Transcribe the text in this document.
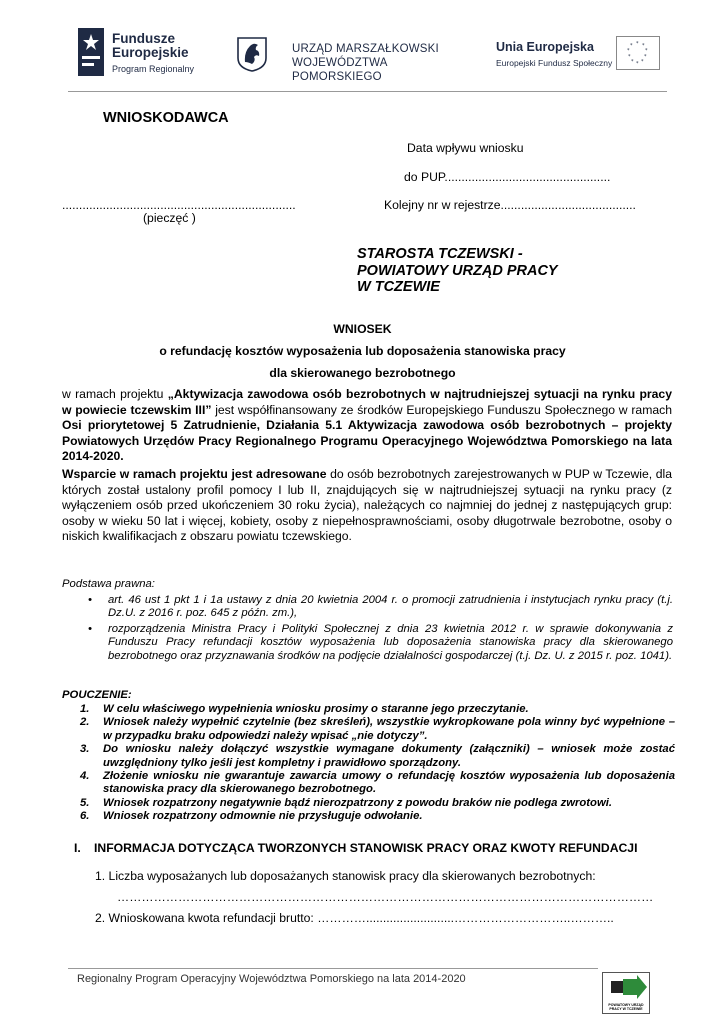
Fundusze
Europejskie
Program Regionalny
URZĄD MARSZAŁKOWSKI
WOJEWÓDZTWA POMORSKIEGO
Unia Europejska
Europejski Fundusz Społeczny
* *
*
*
*
*
*
*
*
*
WNIOSKODAWCA
Data wpływu wniosku
do PUP.................................................
.....................................................................
(pieczęć )
Kolejny nr w rejestrze........................................
STAROSTA TCZEWSKI -
POWIATOWY URZĄD PRACY
W TCZEWIE
WNIOSEK
o refundację kosztów wyposażenia lub doposażenia stanowiska pracy
dla skierowanego bezrobotnego
w ramach projektu „Aktywizacja zawodowa osób bezrobotnych w najtrudniejszej sytuacji na rynku pracy w powiecie tczewskim III” jest współfinansowany ze środków Europejskiego Funduszu Społecznego w ramach Osi priorytetowej 5 Zatrudnienie, Działania 5.1 Aktywizacja zawodowa osób bezrobotnych – projekty Powiatowych Urzędów Pracy Regionalnego Programu Operacyjnego Województwa Pomorskiego na lata 2014-2020.
Wsparcie w ramach projektu jest adresowane do osób bezrobotnych zarejestrowanych w PUP w Tczewie, dla których został ustalony profil pomocy I lub II, znajdujących się w najtrudniejszej sytuacji na rynku pracy (z wyłączeniem osób przed ukończeniem 30 roku życia), należących co najmniej do jednej z następujących grup: osoby w wieku 50 lat i więcej, kobiety, osoby z niepełnosprawnościami, osoby długotrwale bezrobotne, osoby o niskich kwalifikacjach z obszaru powiatu tczewskiego.
Podstawa prawna:
• art. 46 ust 1 pkt 1 i 1a ustawy z dnia 20 kwietnia 2004 r. o promocji zatrudnienia i instytucjach rynku pracy (t.j. Dz.U. z 2016 r. poz. 645 z późn. zm.),
• rozporządzenia Ministra Pracy i Polityki Społecznej z dnia 23 kwietnia 2012 r. w sprawie dokonywania z Funduszu Pracy refundacji kosztów wyposażenia lub doposażenia stanowiska pracy dla skierowanego bezrobotnego oraz przyznawania środków na podjęcie działalności gospodarczej (t.j. Dz. U. z 2015 r. poz. 1041).
POUCZENIE:
1. W celu właściwego wypełnienia wniosku prosimy o staranne jego przeczytanie.
2. Wniosek należy wypełnić czytelnie (bez skreśleń), wszystkie wykropkowane pola winny być wypełnione – w przypadku braku odpowiedzi należy wpisać „nie dotyczy”.
3. Do wniosku należy dołączyć wszystkie wymagane dokumenty (załączniki) – wniosek może zostać uwzględniony tylko jeśli jest kompletny i prawidłowo sporządzony.
4. Złożenie wniosku nie gwarantuje zawarcia umowy o refundację kosztów wyposażenia lub doposażenia stanowiska pracy dla skierowanego bezrobotnego.
5. Wniosek rozpatrzony negatywnie bądź nierozpatrzony z powodu braków nie podlega zwrotowi.
6. Wniosek rozpatrzony odmownie nie przysługuje odwołanie.
I. INFORMACJA DOTYCZĄCA TWORZONYCH STANOWISK PRACY ORAZ KWOTY REFUNDACJI
1. Liczba wyposażanych lub doposażanych stanowisk pracy dla skierowanych bezrobotnych:
……………………………………………………………………………………………………………………
2. Wnioskowana kwota refundacji brutto: …………..........................………………………..………..
Regionalny Program Operacyjny Województwa Pomorskiego na lata 2014-2020
POWIATOWY URZĄD PRACY W TCZEWIE
